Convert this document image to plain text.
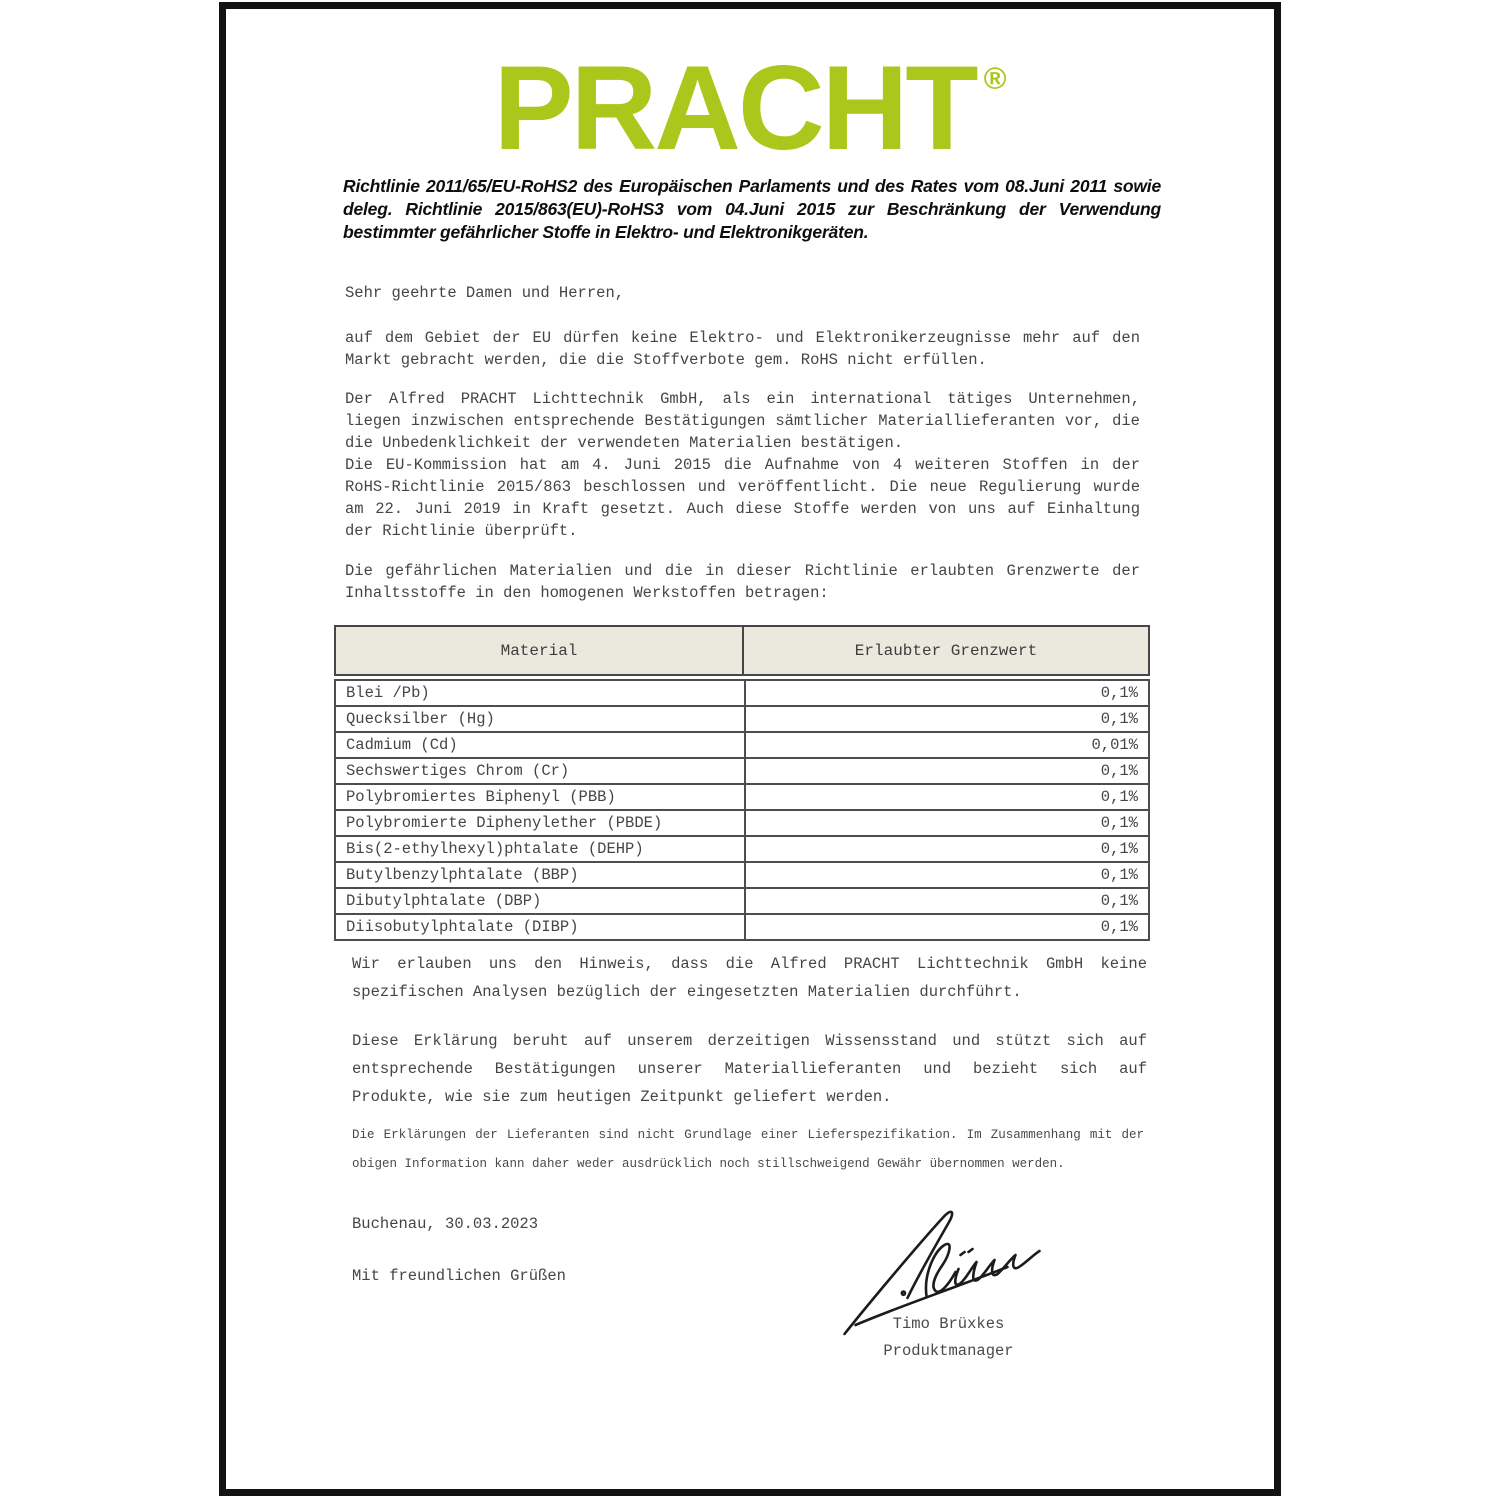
PRACHT ®
Richtlinie 2011/65/EU-RoHS2 des Europäischen Parlaments und des Rates vom 08.Juni 2011 sowie deleg. Richtlinie 2015/863(EU)-RoHS3 vom 04.Juni 2015 zur Beschränkung der Verwendung bestimmter gefährlicher Stoffe in Elektro- und Elektronikgeräten.
Sehr geehrte Damen und Herren,
auf dem Gebiet der EU dürfen keine Elektro- und Elektronikerzeugnisse mehr auf den Markt gebracht werden, die die Stoffverbote gem. RoHS nicht erfüllen.
Der Alfred PRACHT Lichttechnik GmbH, als ein international tätiges Unternehmen, liegen inzwischen entsprechende Bestätigungen sämtlicher Materiallieferanten vor, die die Unbedenklichkeit der verwendeten Materialien bestätigen.
Die EU-Kommission hat am 4. Juni 2015 die Aufnahme von 4 weiteren Stoffen in der RoHS-Richtlinie 2015/863 beschlossen und veröffentlicht. Die neue Regulierung wurde am 22. Juni 2019 in Kraft gesetzt. Auch diese Stoffe werden von uns auf Einhaltung der Richtlinie überprüft.
Die gefährlichen Materialien und die in dieser Richtlinie erlaubten Grenzwerte der Inhaltsstoffe in den homogenen Werkstoffen betragen:
Material	Erlaubter Grenzwert
Blei /Pb)	0,1%
Quecksilber (Hg)	0,1%
Cadmium (Cd)	0,01%
Sechswertiges Chrom (Cr)	0,1%
Polybromiertes Biphenyl (PBB)	0,1%
Polybromierte Diphenylether (PBDE)	0,1%
Bis(2-ethylhexyl)phtalate (DEHP)	0,1%
Butylbenzylphtalate (BBP)	0,1%
Dibutylphtalate (DBP)	0,1%
Diisobutylphtalate (DIBP)	0,1%
Wir erlauben uns den Hinweis, dass die Alfred PRACHT Lichttechnik GmbH keine spezifischen Analysen bezüglich der eingesetzten Materialien durchführt.
Diese Erklärung beruht auf unserem derzeitigen Wissensstand und stützt sich auf entsprechende Bestätigungen unserer Materiallieferanten und bezieht sich auf Produkte, wie sie zum heutigen Zeitpunkt geliefert werden.
Die Erklärungen der Lieferanten sind nicht Grundlage einer Lieferspezifikation. Im Zusammenhang mit der obigen Information kann daher weder ausdrücklich noch stillschweigend Gewähr übernommen werden.
Buchenau, 30.03.2023
Mit freundlichen Grüßen
Timo Brüxkes
Produktmanager
